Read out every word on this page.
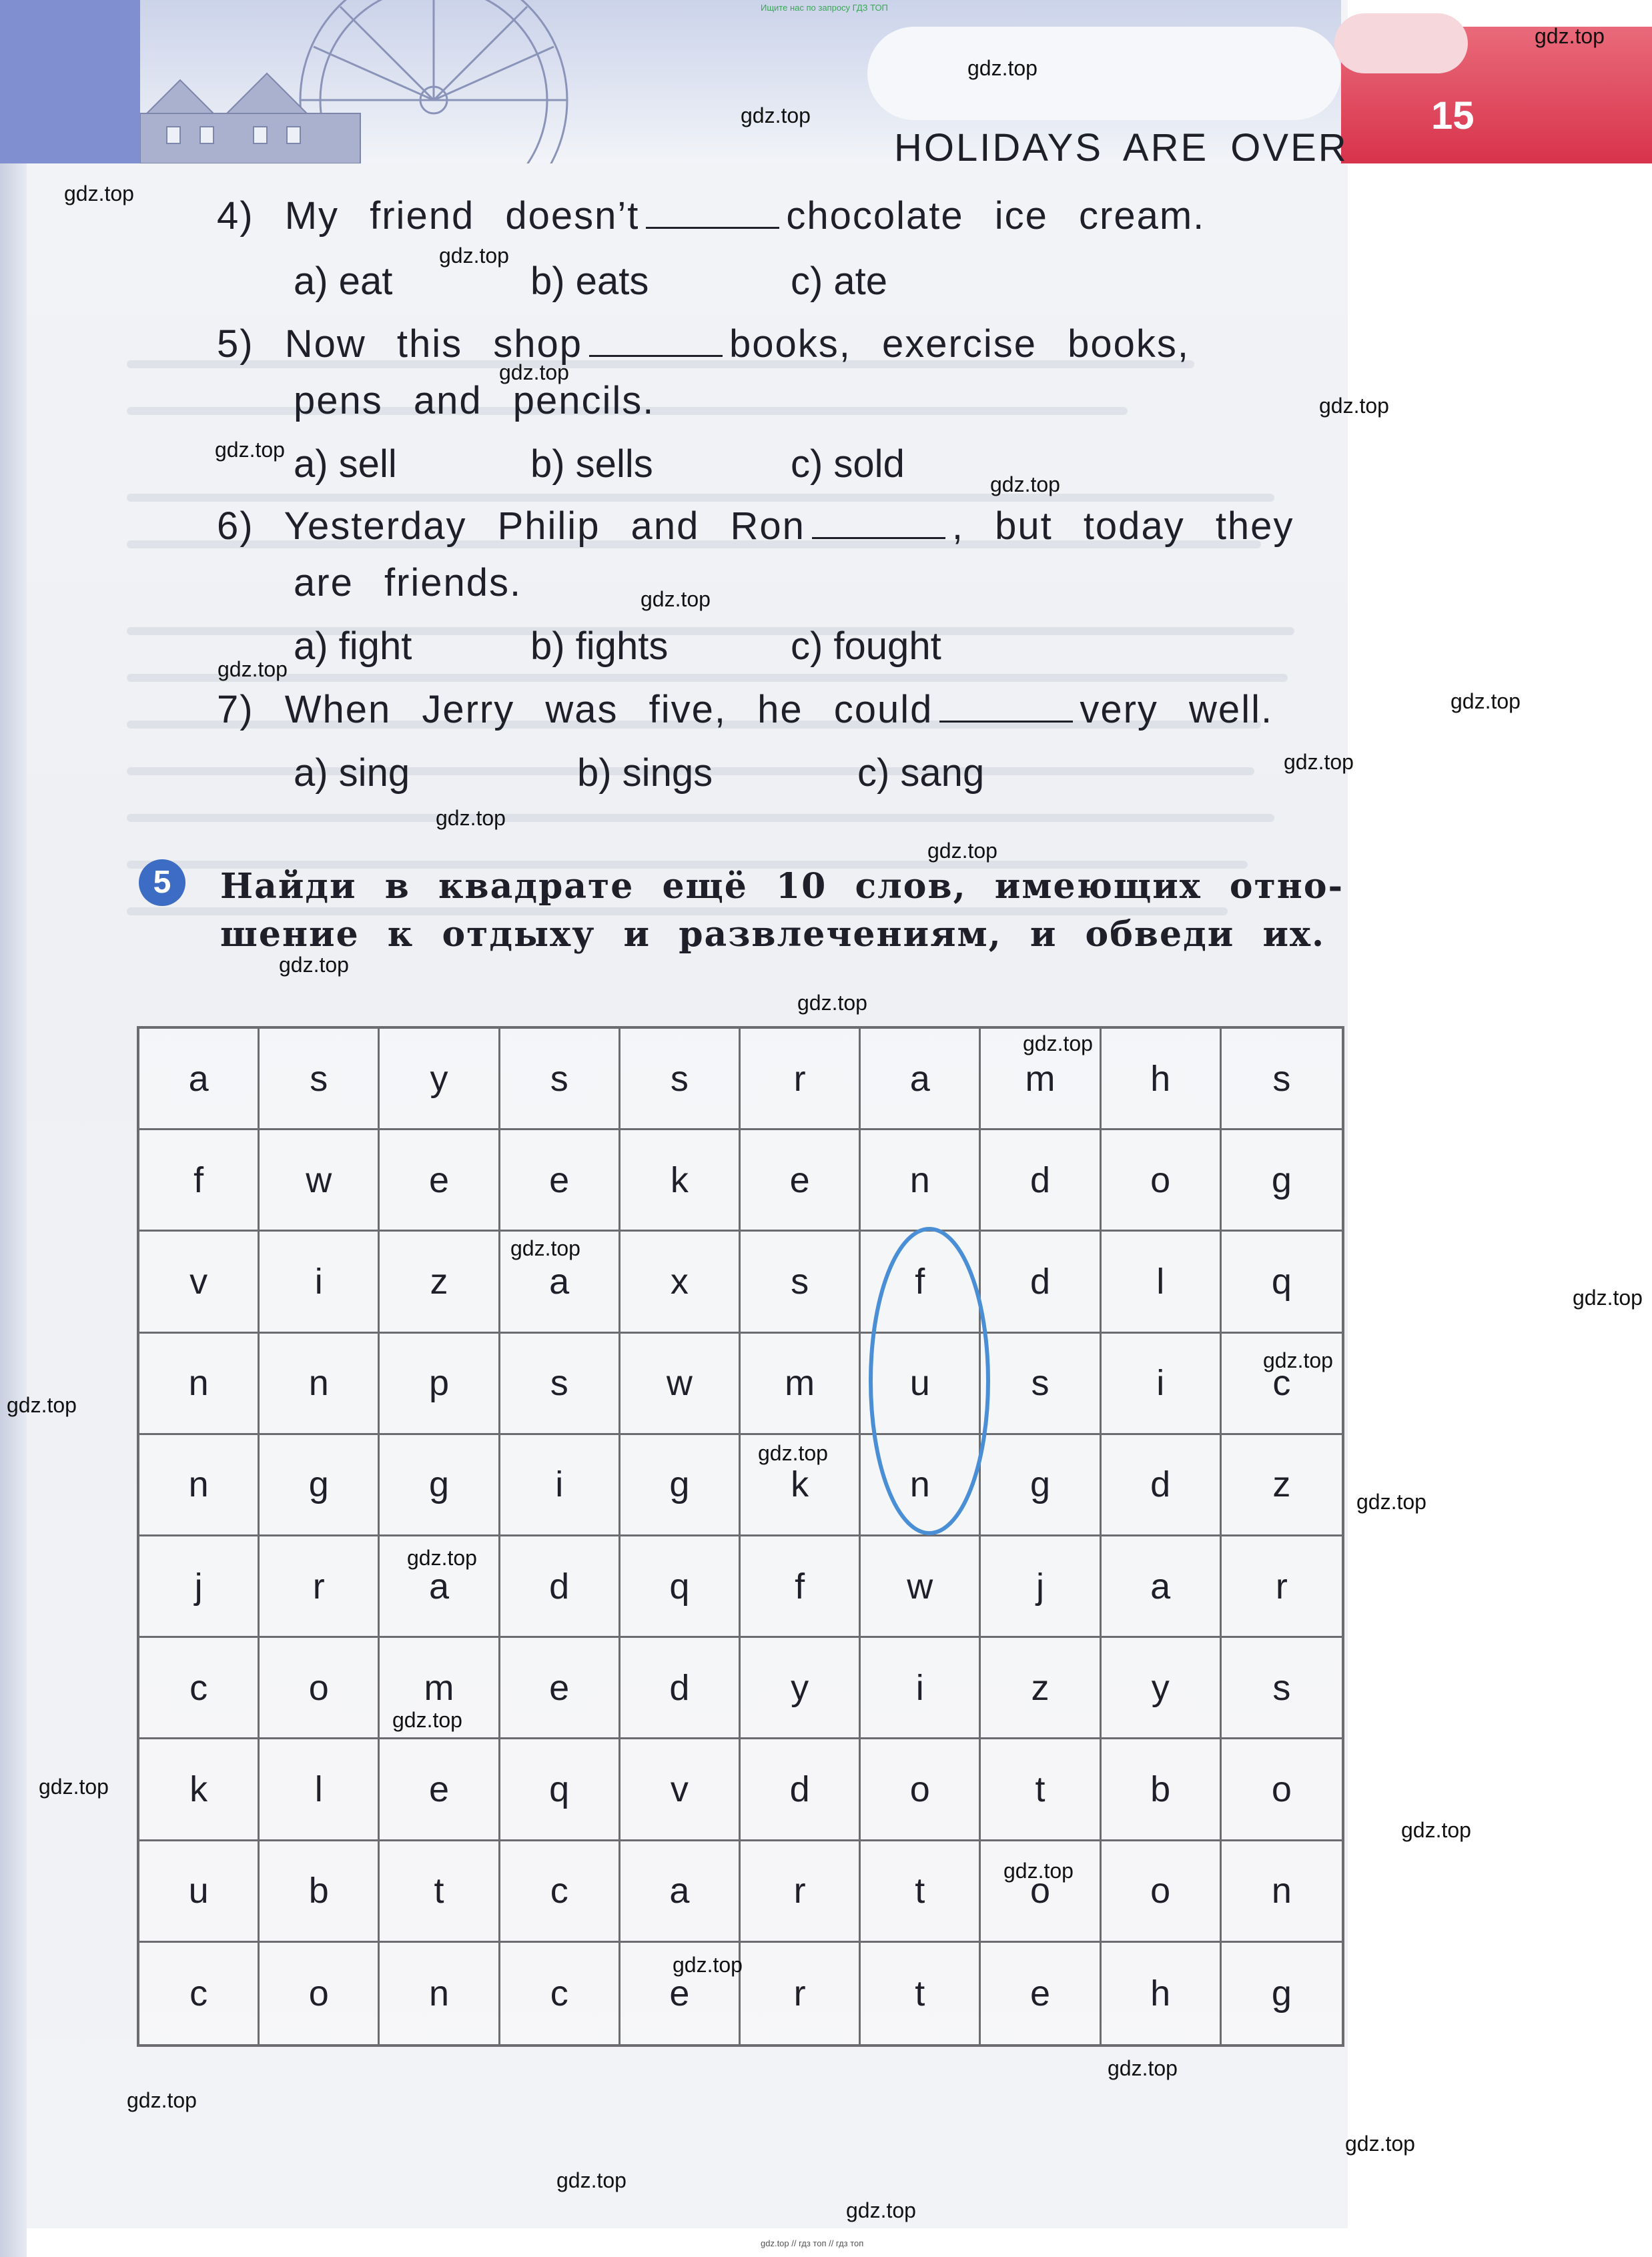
15
HOLIDAYS ARE OVER
Ищите нас по запросу ГДЗ ТОП
4) My friend doesn’t	chocolate ice cream.
a) eat	b) eats	c) ate
5) Now this shop	books, exercise books,
pens and pencils.
a) sell	b) sells	c) sold
6) Yesterday Philip and Ron	, but today they
are friends.
a) fight	b) fights	c) fought
7) When Jerry was five, he could	very well.
a) sing	b) sings	c) sang
5	Найди в квадрате ещё 10 слов, имеющих отно-
шение к отдыху и развлечениям, и обведи их.
a	s	y	s	s	r	a	m	h	s
f	w	e	e	k	e	n	d	o	g
v	i	z	a	x	s	f	d	l	q
n	n	p	s	w	m	u	s	i	c
n	g	g	i	g	k	n	g	d	z
j	r	a	d	q	f	w	j	a	r
c	o	m	e	d	y	i	z	y	s
k	l	e	q	v	d	o	t	b	o
u	b	t	c	a	r	t	o	o	n
c	o	n	c	e	r	t	e	h	g
gdz.top // гдз топ // гдз топ
gdz.top
gdz.top
gdz.top
gdz.top
gdz.top
gdz.top
gdz.top
gdz.top
gdz.top
gdz.top
gdz.top
gdz.top
gdz.top
gdz.top
gdz.top
gdz.top
gdz.top
gdz.top
gdz.top
gdz.top
gdz.top
gdz.top
gdz.top
gdz.top
gdz.top
gdz.top
gdz.top
gdz.top
gdz.top
gdz.top
gdz.top
gdz.top
gdz.top
gdz.top
gdz.top
